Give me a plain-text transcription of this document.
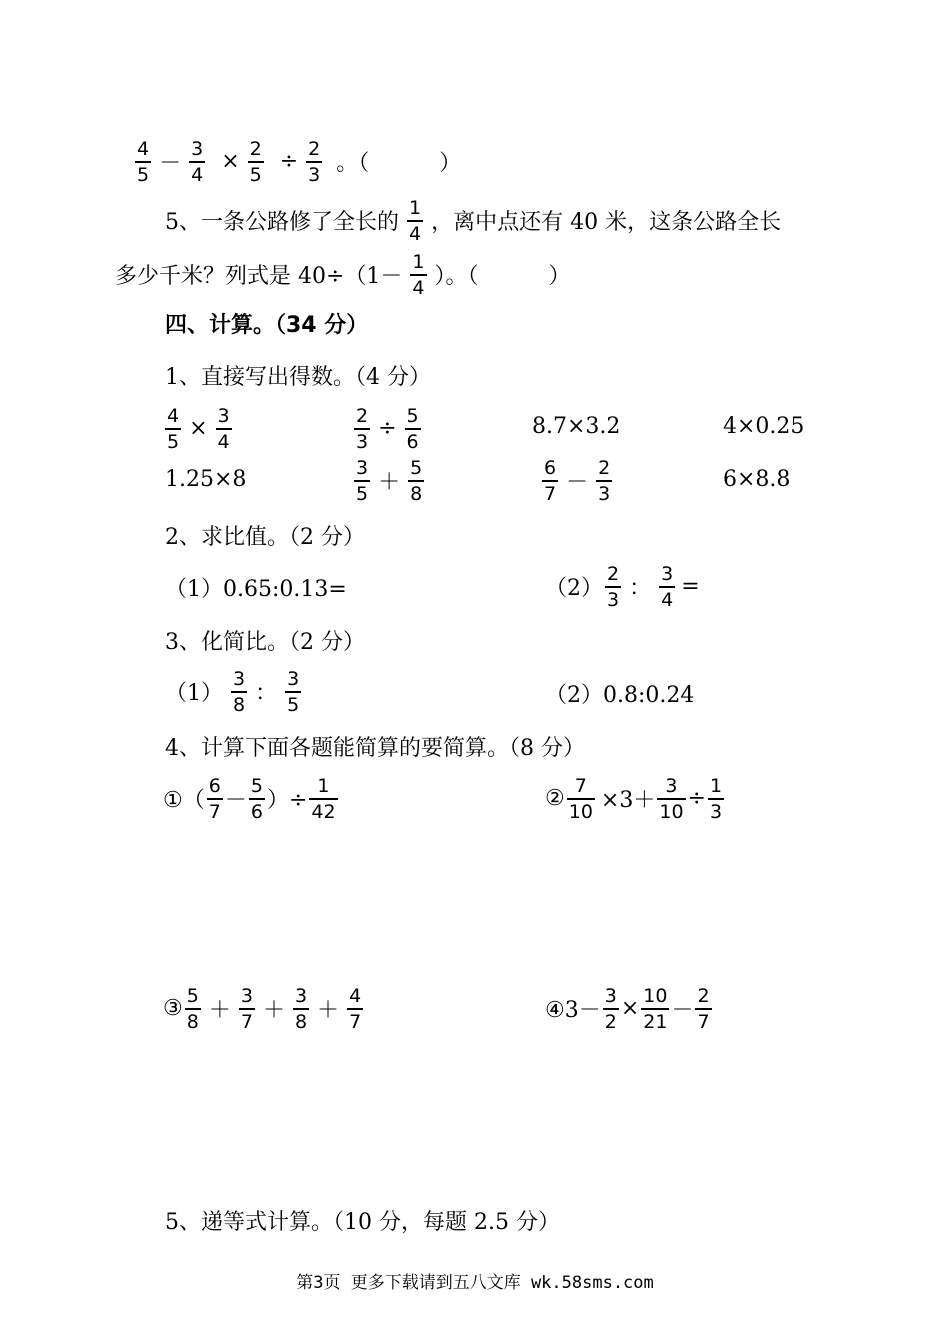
$\frac{4}{5} - \frac{3}{4} \times \frac{2}{5} \div \frac{2}{3}$ 。（          ）
5、一条公路修了全长的 $\frac{1}{4}$ ，离中点还有 40 米，这条公路全长
多少千米？列式是 $40\div(1- \frac{1}{4}$ ）。（          ）
四、计算。（34 分）
1、直接写出得数。（4 分）
$\frac{4}{5} \times \frac{3}{4}$	$\frac{2}{3} \div \frac{5}{6}$	8.7×3.2	4×0.25
1.25×8	$\frac{3}{5} + \frac{5}{8}$	$\frac{6}{7} - \frac{2}{3}$	6×8.8
2、求比值。（2 分）
（1）0.65:0.13=	$(2) \frac{2}{3}$ ： $\frac{3}{4}$ =
3、化简比。（2 分）
$(1) \frac{3}{8}$ ： $\frac{3}{5}$	（2）0.8:0.24
4、计算下面各题能简算的要简算。（8 分）
①（ $\frac{6}{7} - \frac{5}{6}$ ）÷ $\frac{1}{42}$	② $\frac{7}{10} \times 3+ \frac{3}{10} \div \frac{1}{3}$
③ $\frac{5}{8} + \frac{3}{7} + \frac{3}{8} + \frac{4}{7}$	④3－ $\frac{3}{2} \times \frac{10}{21} - \frac{2}{7}$
5、递等式计算。（10 分，每题 2.5 分）
第3页 更多下载请到五八文库 wk.58sms.com
